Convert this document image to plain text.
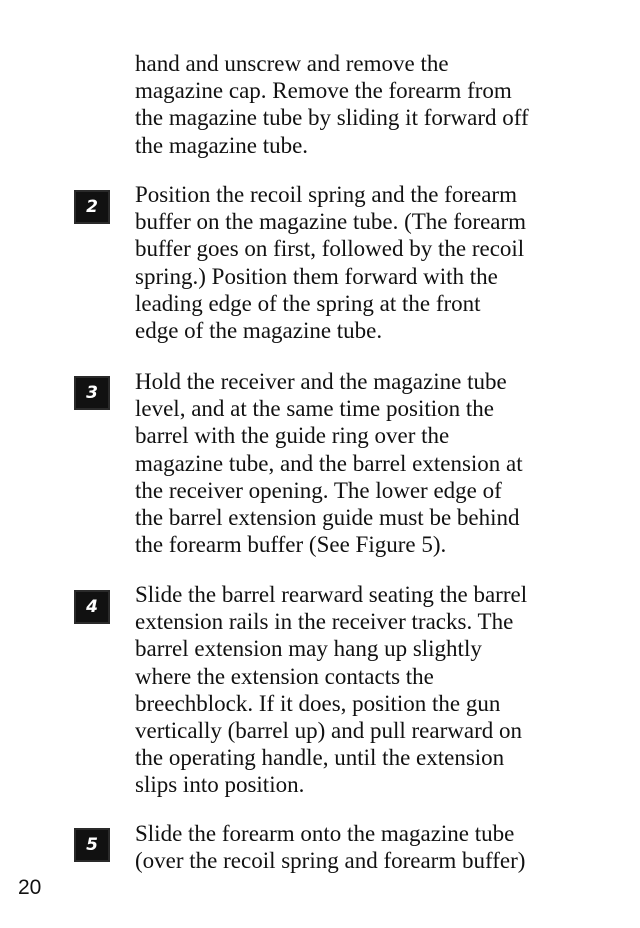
hand and unscrew and remove the
magazine cap. Remove the forearm from
the magazine tube by sliding it forward off
the magazine tube.
2	Position the recoil spring and the forearm
buffer on the magazine tube. (The forearm
buffer goes on first, followed by the recoil
spring.) Position them forward with the
leading edge of the spring at the front
edge of the magazine tube.
3	Hold the receiver and the magazine tube
level, and at the same time position the
barrel with the guide ring over the
magazine tube, and the barrel extension at
the receiver opening. The lower edge of
the barrel extension guide must be behind
the forearm buffer (See Figure 5).
4	Slide the barrel rearward seating the barrel
extension rails in the receiver tracks. The
barrel extension may hang up slightly
where the extension contacts the
breechblock. If it does, position the gun
vertically (barrel up) and pull rearward on
the operating handle, until the extension
slips into position.
5	Slide the forearm onto the magazine tube
(over the recoil spring and forearm buffer)
20
